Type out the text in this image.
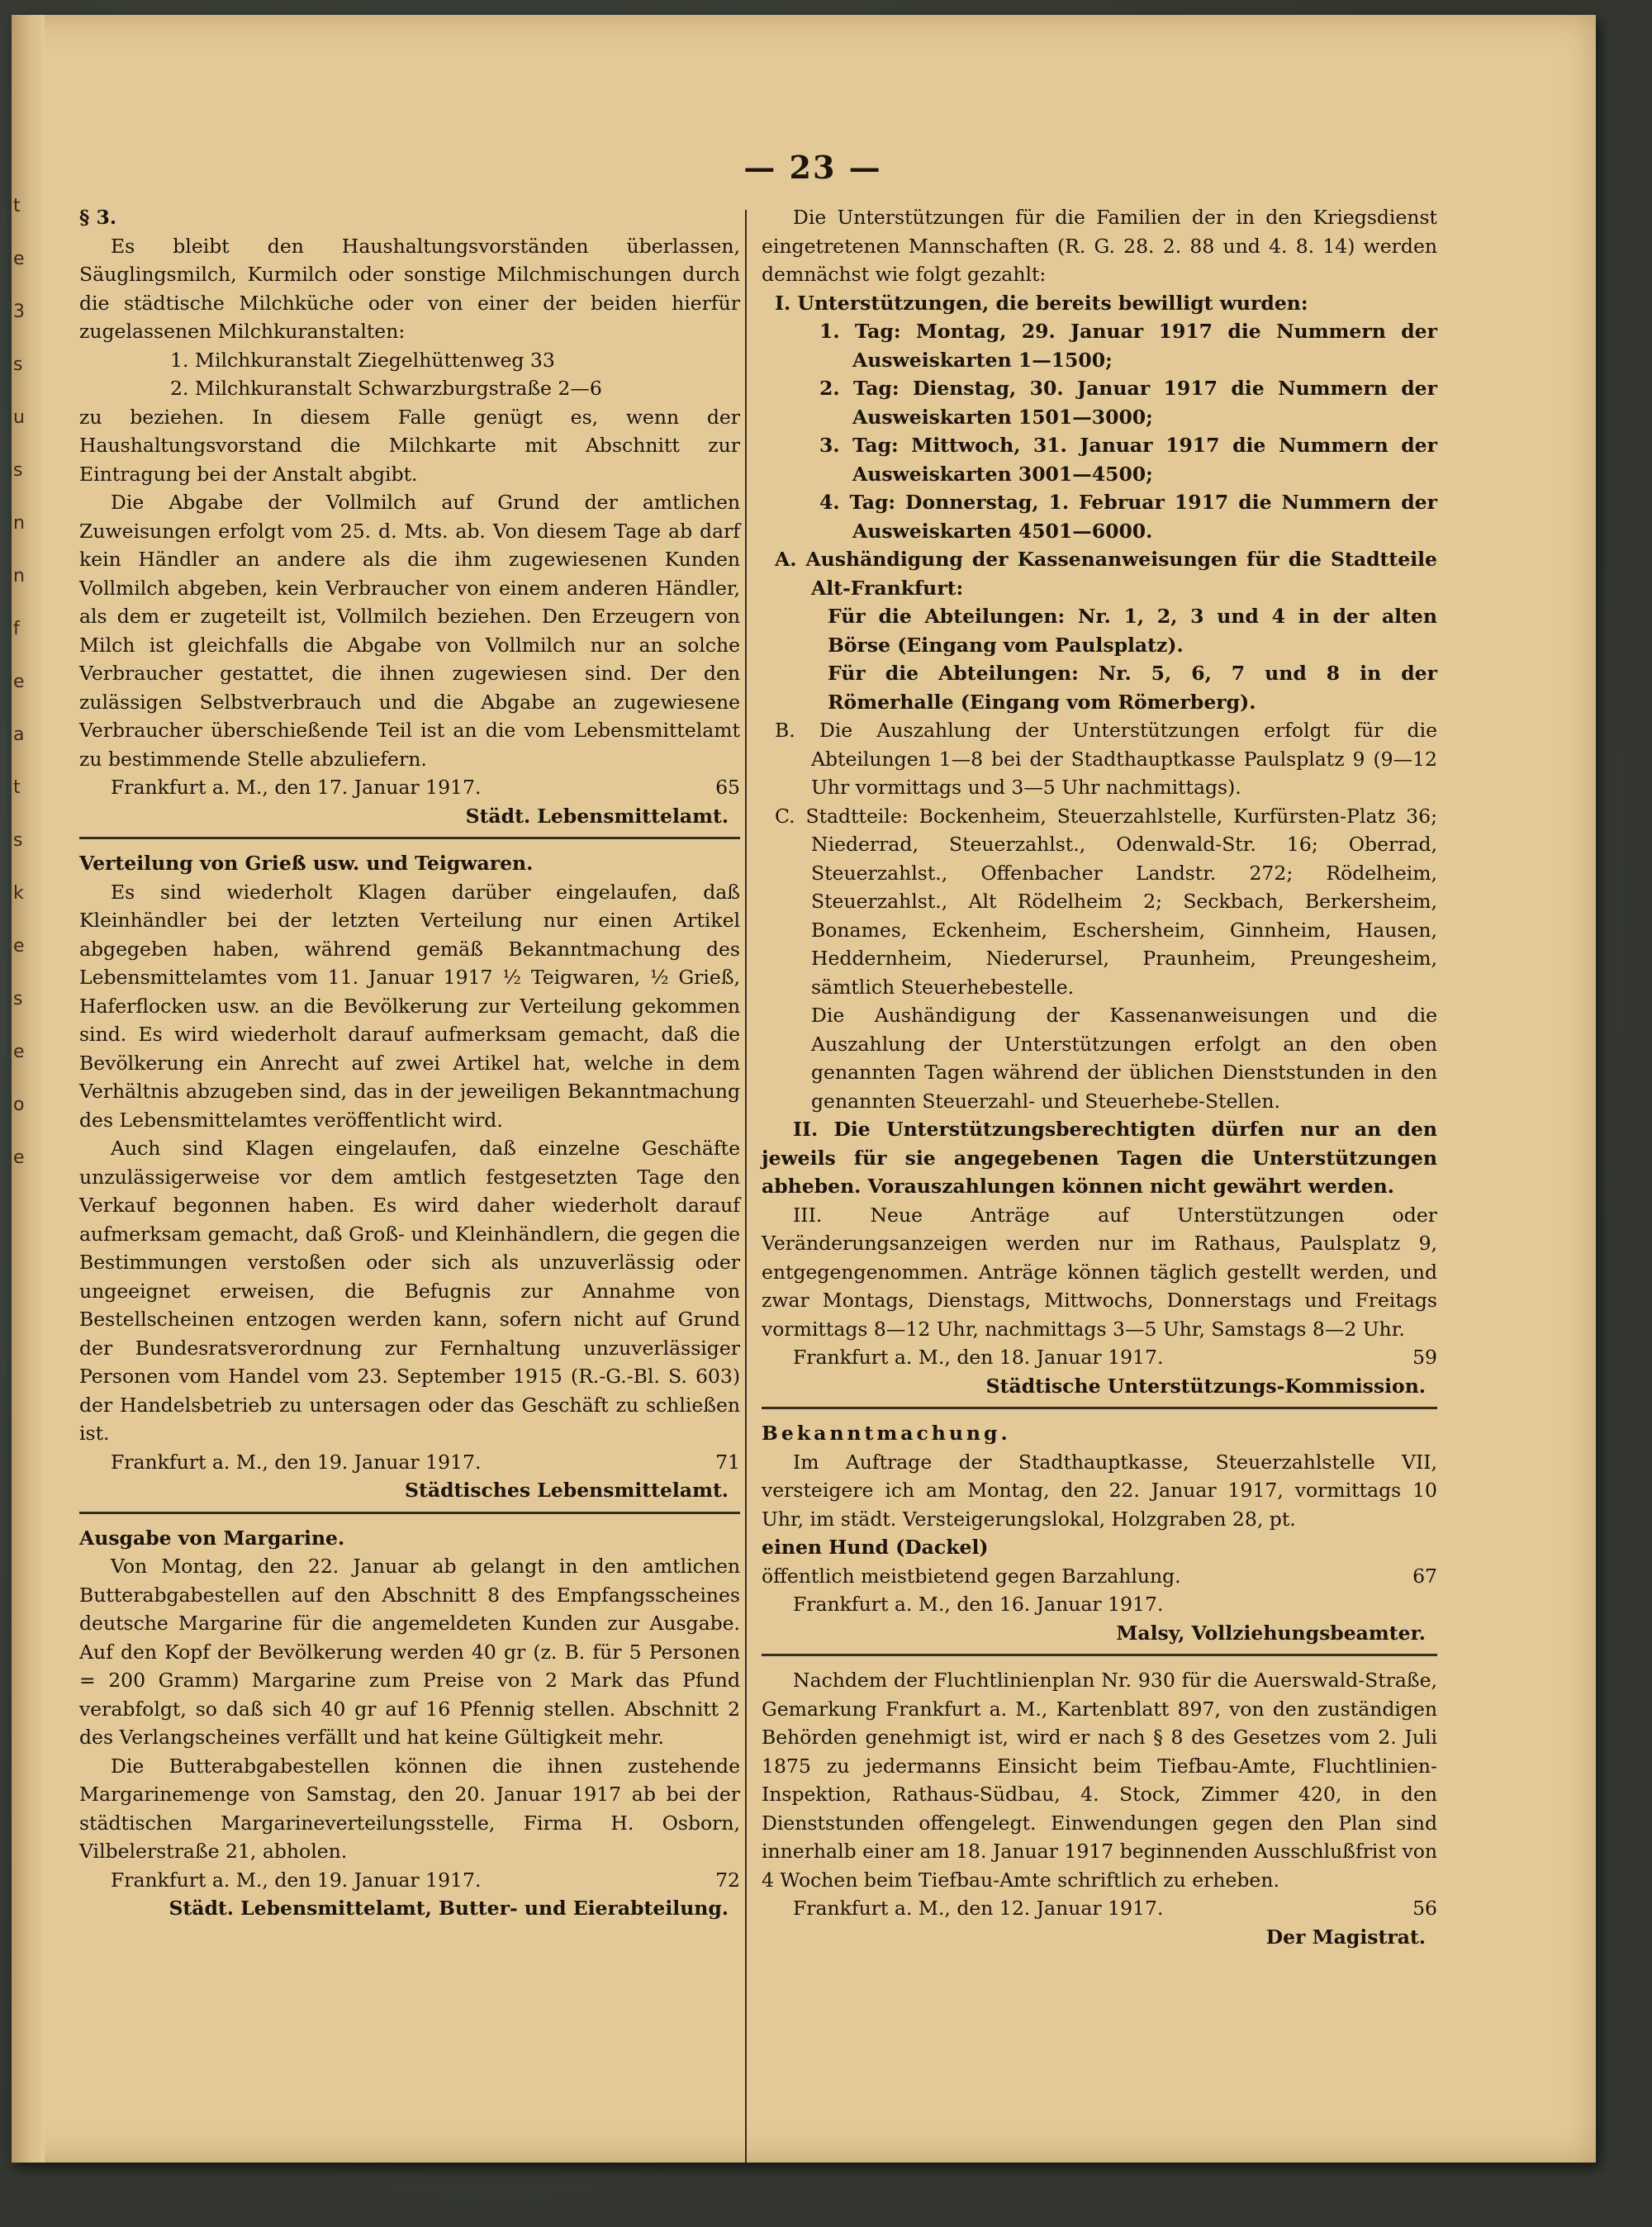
t
e
3
s
u
s
n
n
f
e
a
t
s
k
e
s
e
o
e
— 23 —

§ 3.

Es bleibt den Haushaltungsvorständen überlassen, Säuglingsmilch, Kurmilch oder sonstige Milchmischungen durch die städtische Milchküche oder von einer der beiden hierfür zugelassenen Milchkuranstalten:

1. Milchkuranstalt Ziegelhüttenweg 33
2. Milchkuranstalt Schwarzburgstraße 2—6

zu beziehen. In diesem Falle genügt es, wenn der Haushaltungsvorstand die Milchkarte mit Abschnitt zur Eintragung bei der Anstalt abgibt.

Die Abgabe der Vollmilch auf Grund der amtlichen Zuweisungen erfolgt vom 25. d. Mts. ab. Von diesem Tage ab darf kein Händler an andere als die ihm zugewiesenen Kunden Vollmilch abgeben, kein Verbraucher von einem anderen Händler, als dem er zugeteilt ist, Vollmilch beziehen. Den Erzeugern von Milch ist gleichfalls die Abgabe von Vollmilch nur an solche Verbraucher gestattet, die ihnen zugewiesen sind. Der den zulässigen Selbstverbrauch und die Abgabe an zugewiesene Verbraucher überschießende Teil ist an die vom Lebensmittelamt zu bestimmende Stelle abzuliefern.

Frankfurt a. M., den 17. Januar 1917.	65
Städt. Lebensmittelamt.

Verteilung von Grieß usw. und Teigwaren.

Es sind wiederholt Klagen darüber eingelaufen, daß Kleinhändler bei der letzten Verteilung nur einen Artikel abgegeben haben, während gemäß Bekanntmachung des Lebensmittelamtes vom 11. Januar 1917 ½ Teigwaren, ½ Grieß, Haferflocken usw. an die Bevölkerung zur Verteilung gekommen sind. Es wird wiederholt darauf aufmerksam gemacht, daß die Bevölkerung ein Anrecht auf zwei Artikel hat, welche in dem Verhältnis abzugeben sind, das in der jeweiligen Bekanntmachung des Lebensmittelamtes veröffentlicht wird.

Auch sind Klagen eingelaufen, daß einzelne Geschäfte unzulässigerweise vor dem amtlich festgesetzten Tage den Verkauf begonnen haben. Es wird daher wiederholt darauf aufmerksam gemacht, daß Groß- und Kleinhändlern, die gegen die Bestimmungen verstoßen oder sich als unzuverlässig oder ungeeignet erweisen, die Befugnis zur Annahme von Bestellscheinen entzogen werden kann, sofern nicht auf Grund der Bundesratsverordnung zur Fernhaltung unzuverlässiger Personen vom Handel vom 23. September 1915 (R.-G.-Bl. S. 603) der Handelsbetrieb zu untersagen oder das Geschäft zu schließen ist.

Frankfurt a. M., den 19. Januar 1917.	71
Städtisches Lebensmittelamt.

Ausgabe von Margarine.

Von Montag, den 22. Januar ab gelangt in den amtlichen Butterabgabestellen auf den Abschnitt 8 des Empfangsscheines deutsche Margarine für die angemeldeten Kunden zur Ausgabe. Auf den Kopf der Bevölkerung werden 40 gr (z. B. für 5 Personen = 200 Gramm) Margarine zum Preise von 2 Mark das Pfund verabfolgt, so daß sich 40 gr auf 16 Pfennig stellen. Abschnitt 2 des Verlangscheines verfällt und hat keine Gültigkeit mehr.

Die Butterabgabestellen können die ihnen zustehende Margarinemenge von Samstag, den 20. Januar 1917 ab bei der städtischen Margarineverteilungsstelle, Firma H. Osborn, Vilbelerstraße 21, abholen.

Frankfurt a. M., den 19. Januar 1917.	72
Städt. Lebensmittelamt, Butter- und Eierabteilung.

Die Unterstützungen für die Familien der in den Kriegsdienst eingetretenen Mannschaften (R. G. 28. 2. 88 und 4. 8. 14) werden demnächst wie folgt gezahlt:

I. Unterstützungen, die bereits bewilligt wurden:

1. Tag: Montag, 29. Januar 1917 die Nummern der Ausweiskarten 1—1500;

2. Tag: Dienstag, 30. Januar 1917 die Nummern der Ausweiskarten 1501—3000;

3. Tag: Mittwoch, 31. Januar 1917 die Nummern der Ausweiskarten 3001—4500;

4. Tag: Donnerstag, 1. Februar 1917 die Nummern der Ausweiskarten 4501—6000.

A. Aushändigung der Kassenanweisungen für die Stadtteile Alt-Frankfurt:

Für die Abteilungen: Nr. 1, 2, 3 und 4 in der alten Börse (Eingang vom Paulsplatz).

Für die Abteilungen: Nr. 5, 6, 7 und 8 in der Römerhalle (Eingang vom Römerberg).

B. Die Auszahlung der Unterstützungen erfolgt für die Abteilungen 1—8 bei der Stadthauptkasse Paulsplatz 9 (9—12 Uhr vormittags und 3—5 Uhr nachmittags).

C. Stadtteile: Bockenheim, Steuerzahlstelle, Kurfürsten-Platz 36; Niederrad, Steuerzahlst., Odenwald-Str. 16; Oberrad, Steuerzahlst., Offenbacher Landstr. 272; Rödelheim, Steuerzahlst., Alt Rödelheim 2; Seckbach, Berkersheim, Bonames, Eckenheim, Eschersheim, Ginnheim, Hausen, Heddernheim, Niederursel, Praunheim, Preungesheim, sämtlich Steuerhebestelle.

Die Aushändigung der Kassenanweisungen und die Auszahlung der Unterstützungen erfolgt an den oben genannten Tagen während der üblichen Dienststunden in den genannten Steuerzahl- und Steuerhebe-Stellen.

II. Die Unterstützungsberechtigten dürfen nur an den jeweils für sie angegebenen Tagen die Unterstützungen abheben. Vorauszahlungen können nicht gewährt werden.

III. Neue Anträge auf Unterstützungen oder Veränderungsanzeigen werden nur im Rathaus, Paulsplatz 9, entgegengenommen. Anträge können täglich gestellt werden, und zwar Montags, Dienstags, Mittwochs, Donnerstags und Freitags vormittags 8—12 Uhr, nachmittags 3—5 Uhr, Samstags 8—2 Uhr.

Frankfurt a. M., den 18. Januar 1917.	59
Städtische Unterstützungs-Kommission.

Bekanntmachung.

Im Auftrage der Stadthauptkasse, Steuerzahlstelle VII, versteigere ich am Montag, den 22. Januar 1917, vormittags 10 Uhr, im städt. Versteigerungslokal, Holzgraben 28, pt.

einen Hund (Dackel)

öffentlich meistbietend gegen Barzahlung.	67
Frankfurt a. M., den 16. Januar 1917.
Malsy, Vollziehungsbeamter.

Nachdem der Fluchtlinienplan Nr. 930 für die Auerswald-Straße, Gemarkung Frankfurt a. M., Kartenblatt 897, von den zuständigen Behörden genehmigt ist, wird er nach § 8 des Gesetzes vom 2. Juli 1875 zu jedermanns Einsicht beim Tiefbau-Amte, Fluchtlinien-Inspektion, Rathaus-Südbau, 4. Stock, Zimmer 420, in den Dienststunden offengelegt. Einwendungen gegen den Plan sind innerhalb einer am 18. Januar 1917 beginnenden Ausschlußfrist von 4 Wochen beim Tiefbau-Amte schriftlich zu erheben.

Frankfurt a. M., den 12. Januar 1917.	56
Der Magistrat.
